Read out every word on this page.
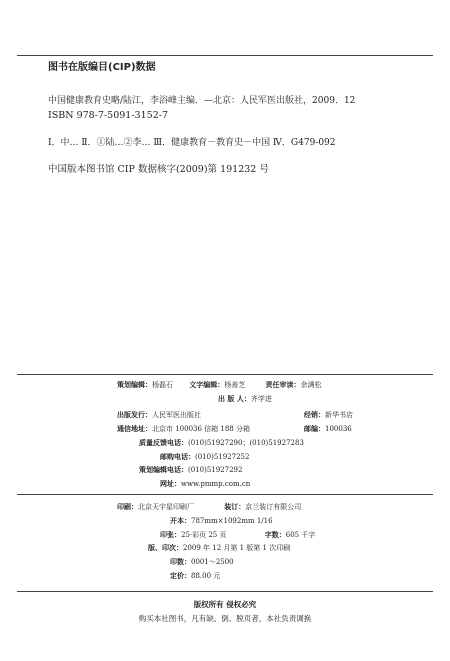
图书在版编目(CIP)数据
中国健康教育史略/陆江，李浴峰主编．—北京：人民军医出版社，2009．12
ISBN 978-7-5091-3152-7
Ⅰ．中… Ⅱ．①陆…②李… Ⅲ．健康教育－教育史－中国 Ⅳ．G479-092
中国版本图书馆 CIP 数据核字(2009)第 191232 号
策划编辑：杨磊石 文字编辑：杨善芝	责任审读：余满松
出 版 人：齐学进
出版发行：人民军医出版社	经销：新华书店
通信地址：北京市 100036 信箱 188 分箱	邮编：100036
质量反馈电话：(010)51927290；(010)51927283
邮购电话：(010)51927252
策划编辑电话：(010)51927292
网址：www.pmmp.com.cn
印刷：北京天宇星印刷厂	装订：京兰装订有限公司
开本：787mm×1092mm 1/16
印张：25·彩页 25 页	字数：605 千字
版、印次：2009 年 12 月第 1 版第 1 次印刷
印数：0001～2500
定价：88.00 元
版权所有 侵权必究
购买本社图书，凡有缺、倒、脱页者，本社负责调换
